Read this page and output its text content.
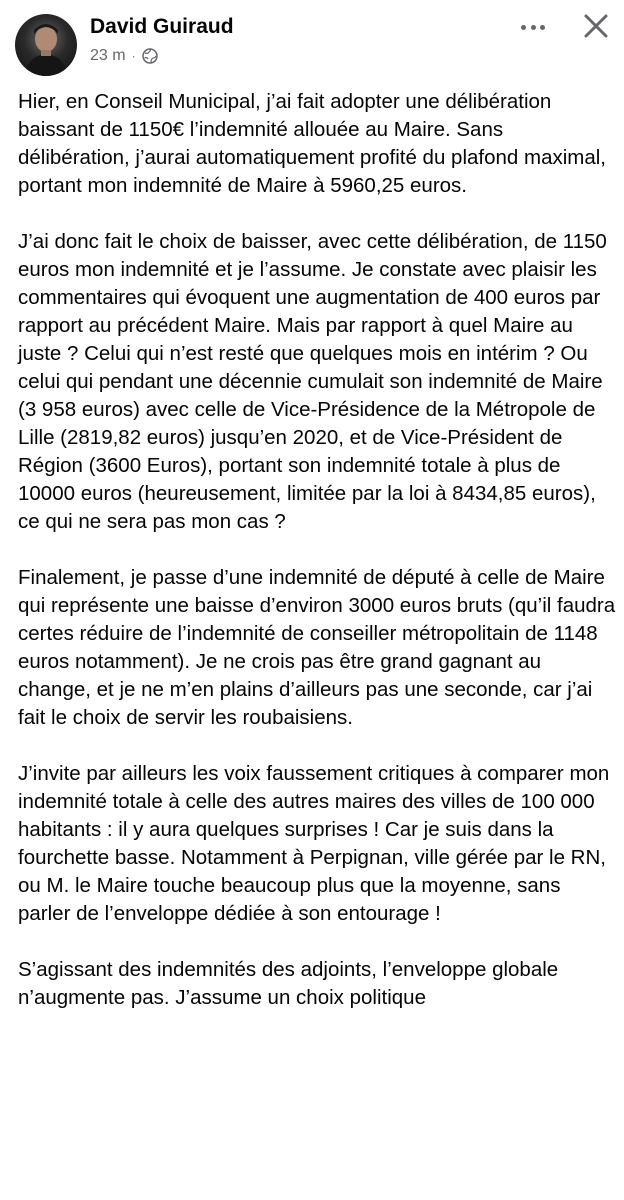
David Guiraud
23 m ·

Hier, en Conseil Municipal, j’ai fait adopter une délibération baissant de 1150€ l’indemnité allouée au Maire. Sans délibération, j’aurai automatiquement profité du plafond maximal, portant mon indemnité de Maire à 5960,25 euros.

J’ai donc fait le choix de baisser, avec cette délibération, de 1150 euros mon indemnité et je l’assume. Je constate avec plaisir les commentaires qui évoquent une augmentation de 400 euros par rapport au précédent Maire. Mais par rapport à quel Maire au juste ? Celui qui n’est resté que quelques mois en intérim ? Ou celui qui pendant une décennie cumulait son indemnité de Maire (3 958 euros) avec celle de Vice-Présidence de la Métropole de Lille (2819,82 euros) jusqu’en 2020, et de Vice-Président de Région (3600 Euros), portant son indemnité totale à plus de 10000 euros (heureusement, limitée par la loi à 8434,85 euros), ce qui ne sera pas mon cas ?

Finalement, je passe d’une indemnité de député à celle de Maire qui représente une baisse d’environ 3000 euros bruts (qu’il faudra certes réduire de l’indemnité de conseiller métropolitain de 1148 euros notamment). Je ne crois pas être grand gagnant au change, et je ne m’en plains d’ailleurs pas une seconde, car j’ai fait le choix de servir les roubaisiens.

J’invite par ailleurs les voix faussement critiques à comparer mon indemnité totale à celle des autres maires des villes de 100 000 habitants : il y aura quelques surprises ! Car je suis dans la fourchette basse. Notamment à Perpignan, ville gérée par le RN, ou M. le Maire touche beaucoup plus que la moyenne, sans parler de l’enveloppe dédiée à son entourage !

S’agissant des indemnités des adjoints, l’enveloppe globale n’augmente pas. J’assume un choix politique
